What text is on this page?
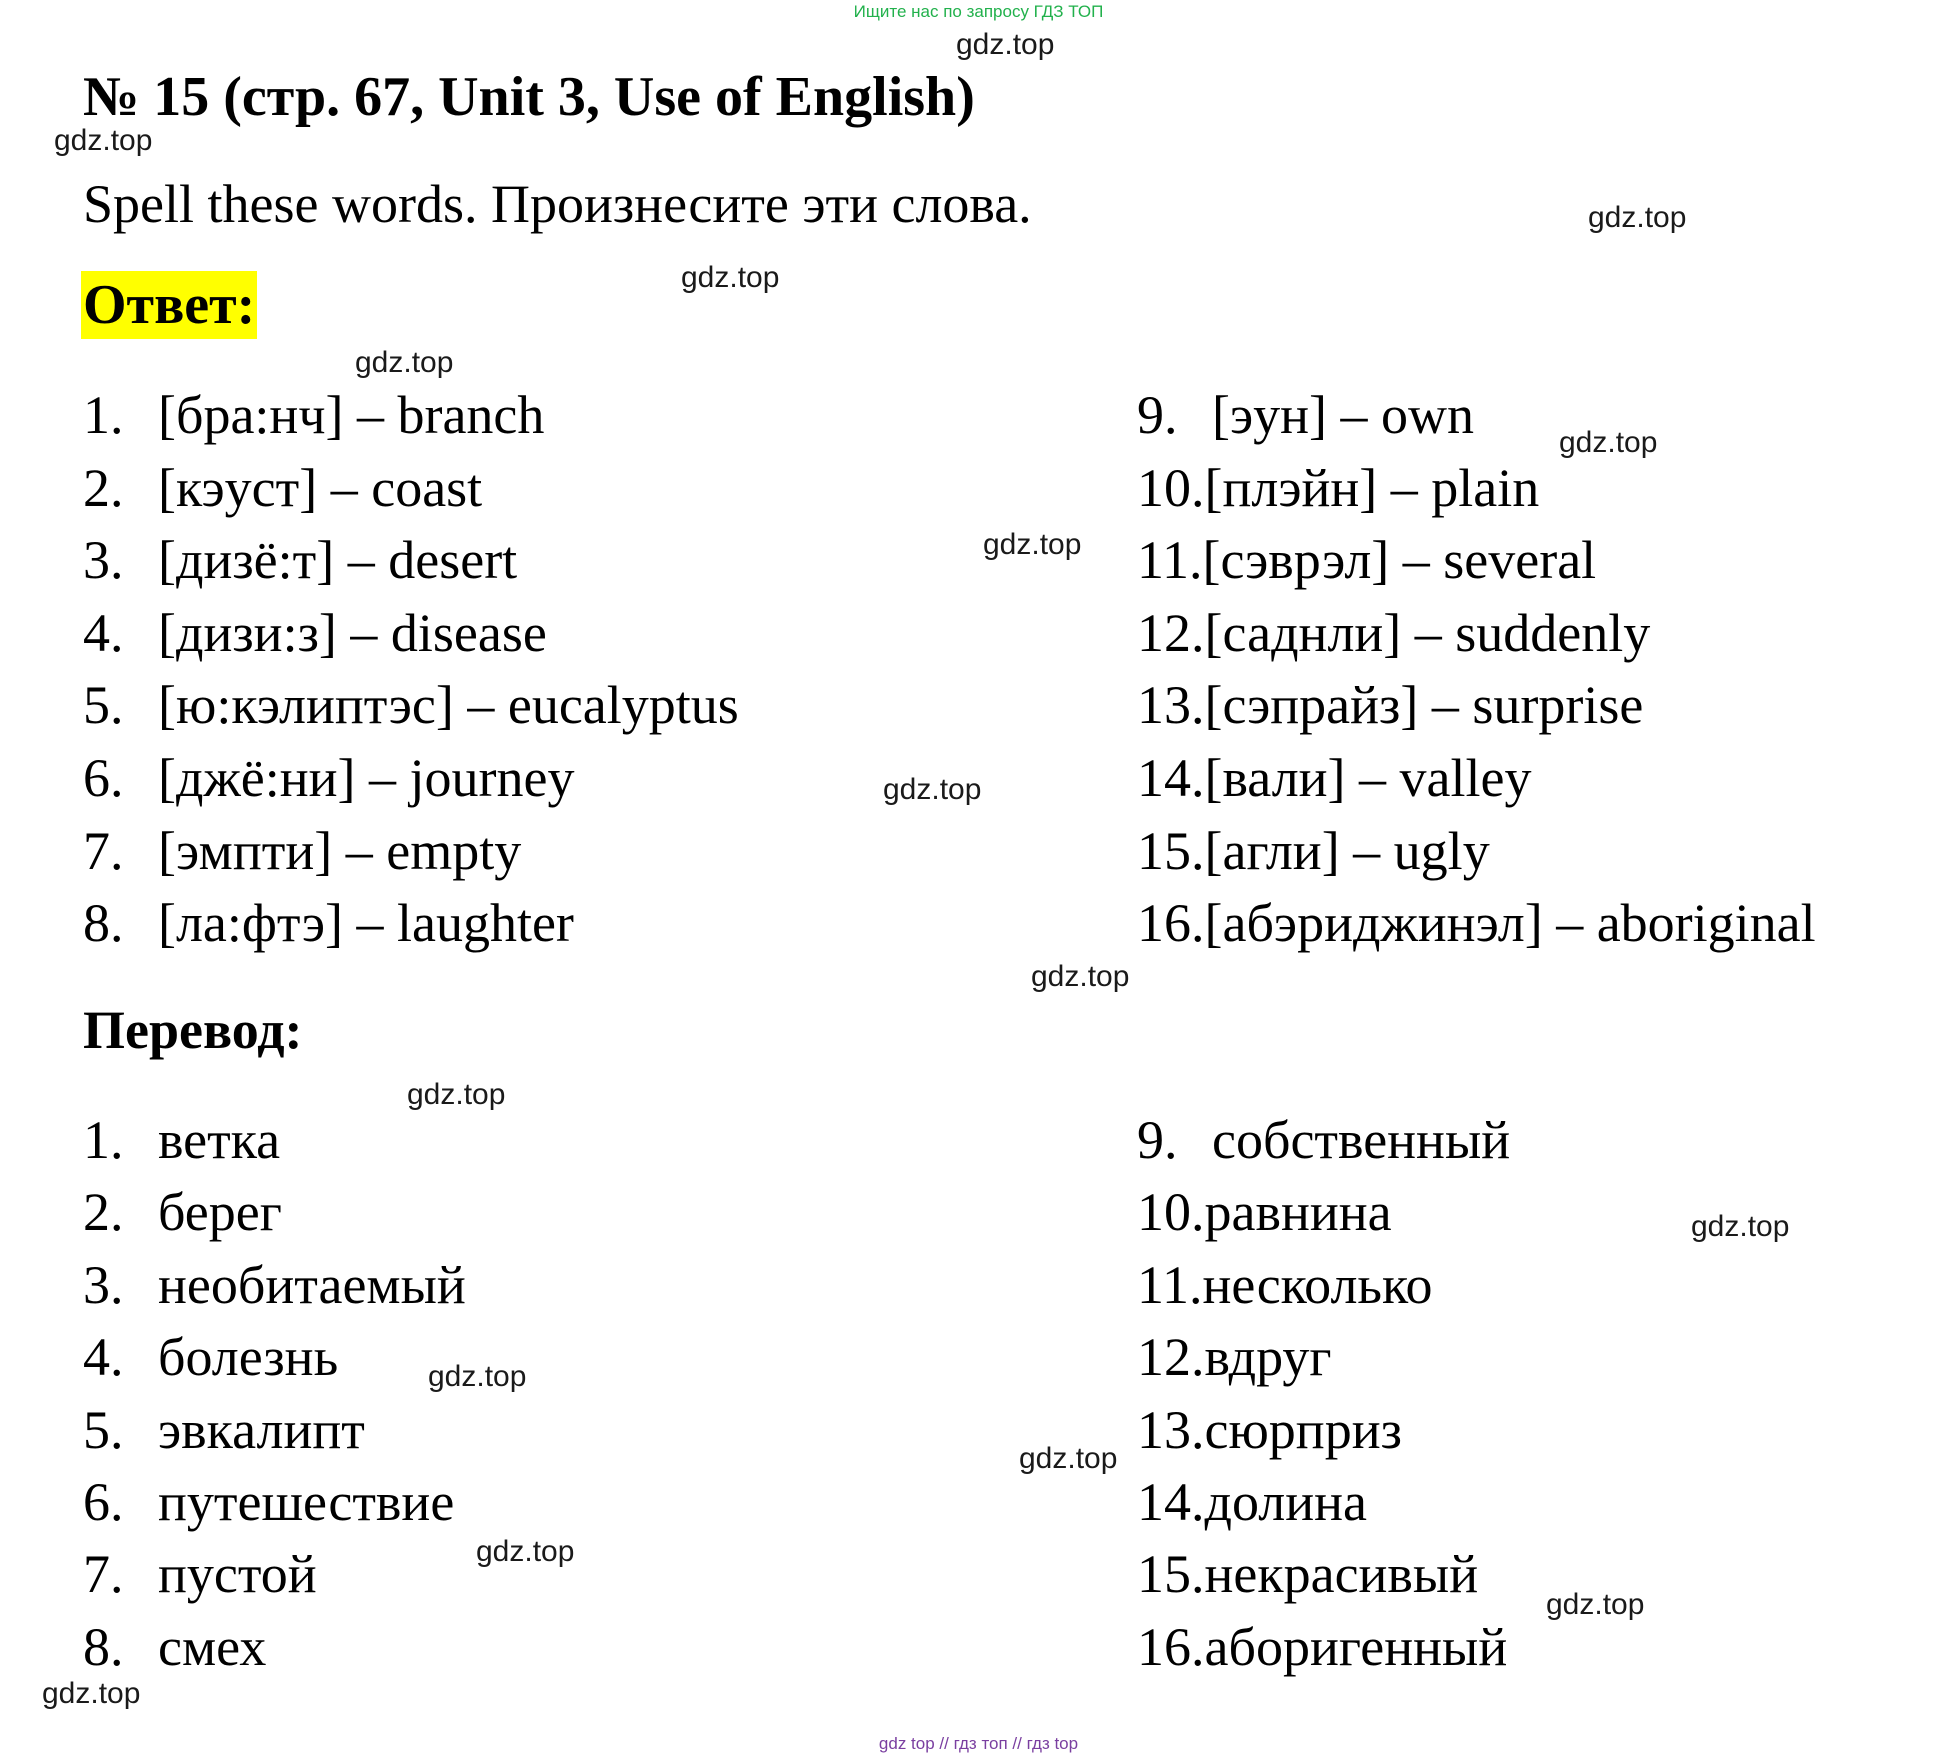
Ищите нас по запросу ГДЗ ТОП
№ 15 (стр. 67, Unit 3, Use of English)
Spell these words. Произнесите эти слова.
Ответ:
1. [бра:нч] – branch
2. [кэуст] – coast
3. [дизё:т] – desert
4. [дизи:з] – disease
5. [ю:кэлиптэс] – eucalyptus
6. [джё:ни] – journey
7. [эмпти] – empty
8. [ла:фтэ] – laughter
9. [эун] – own
10. [плэйн] – plain
11. [сэврэл] – several
12. [саднли] – suddenly
13. [сэпрайз] – surprise
14. [вали] – valley
15. [агли] – ugly
16. [абэриджинэл] – aboriginal
Перевод:
1. ветка
2. берег
3. необитаемый
4. болезнь
5. эвкалипт
6. путешествие
7. пустой
8. смех
9. собственный
10. равнина
11. несколько
12. вдруг
13. сюрприз
14. долина
15. некрасивый
16. аборигенный
gdz.top
gdz.top
gdz.top
gdz.top
gdz.top
gdz.top
gdz.top
gdz.top
gdz.top
gdz.top
gdz.top
gdz.top
gdz.top
gdz.top
gdz.top
gdz.top
gdz top // гдз топ // гдз top
